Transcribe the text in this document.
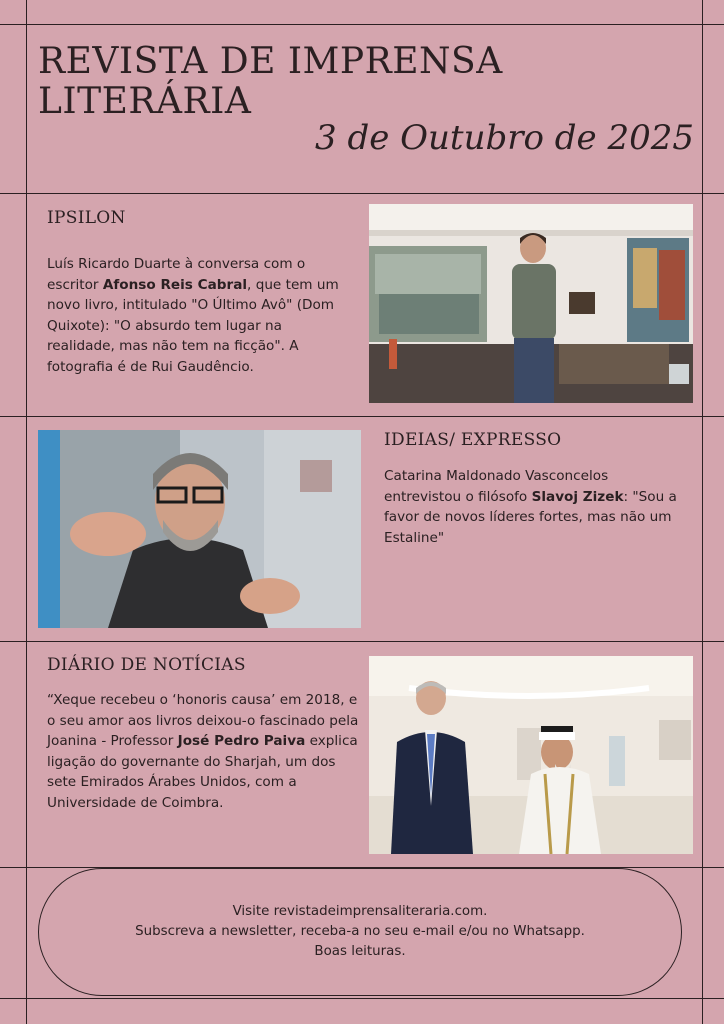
REVISTA DE IMPRENSA
LITERÁRIA

3 de Outubro de 2025

IPSILON

Luís Ricardo Duarte à conversa com o escritor Afonso Reis Cabral, que tem um novo livro, intitulado "O Último Avô" (Dom Quixote): "O absurdo tem lugar na realidade, mas não tem na ficção". A fotografia é de Rui Gaudêncio.

IDEIAS/ EXPRESSO

Catarina Maldonado Vasconcelos entrevistou o filósofo Slavoj Zizek: "Sou a favor de novos líderes fortes, mas não um Estaline"

DIÁRIO DE NOTÍCIAS

“Xeque recebeu o ‘honoris causa’ em 2018, e o seu amor aos livros deixou-o fascinado pela Joanina - Professor José Pedro Paiva explica ligação do governante do Sharjah, um dos sete Emirados Árabes Unidos, com a Universidade de Coimbra.

Visite revistadeimprensaliteraria.com.

Subscreva a newsletter, receba-a no seu e-mail e/ou no Whatsapp.

Boas leituras.
